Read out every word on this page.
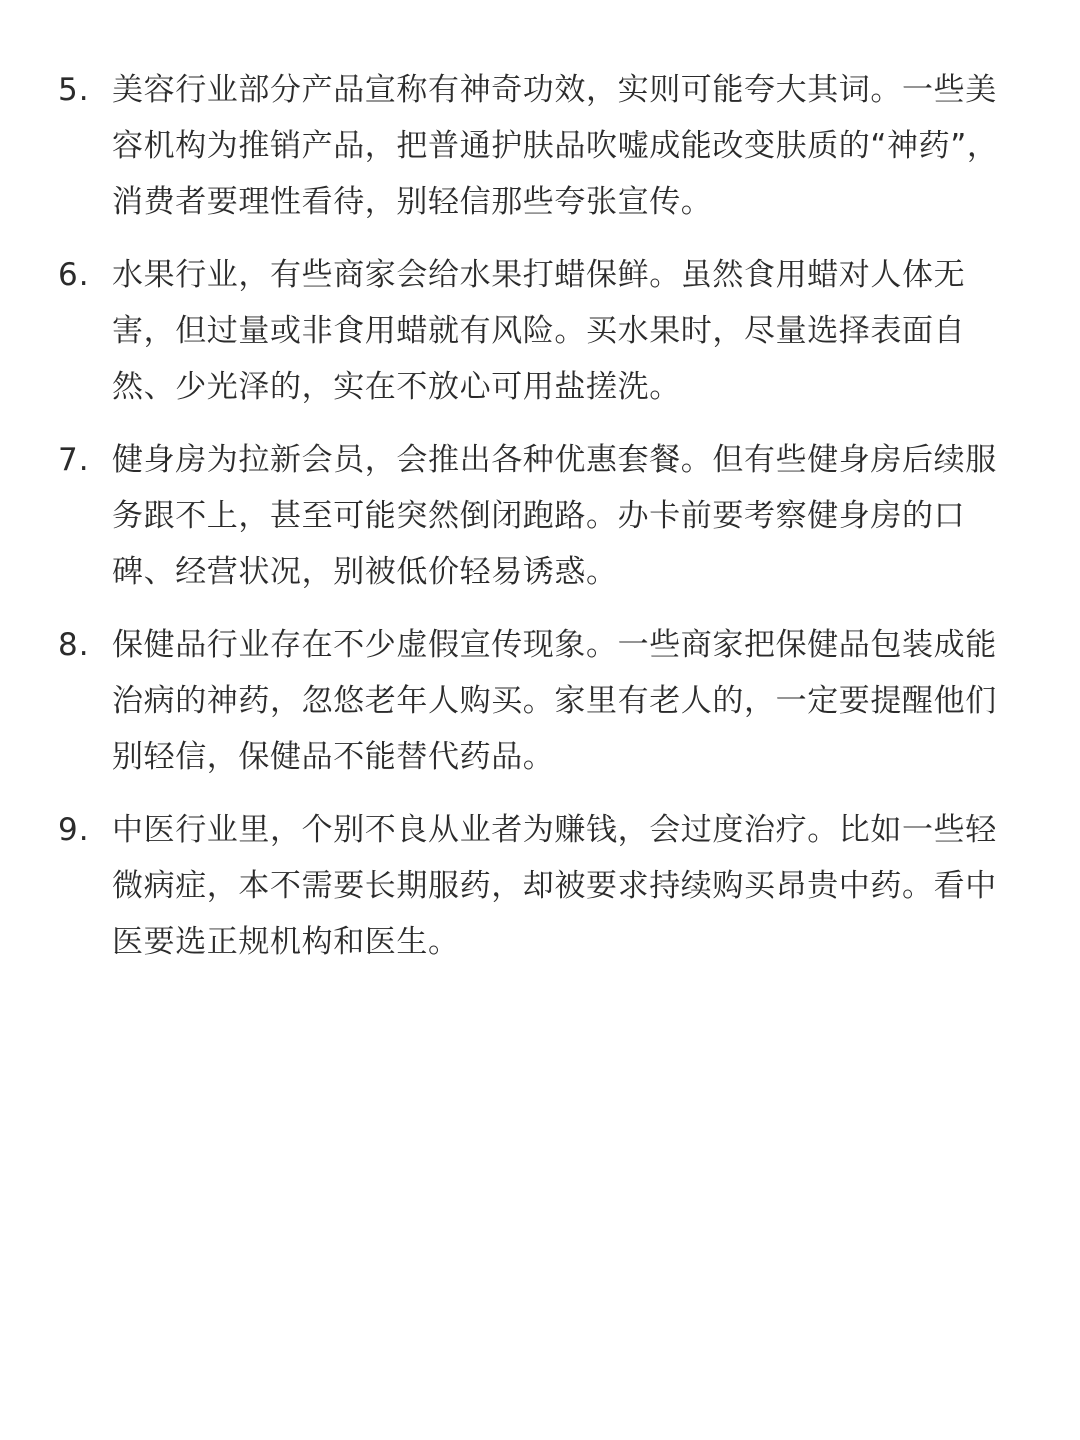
5. 美容行业部分产品宣称有神奇功效，实则可能夸大其词。一些美容机构为推销产品，把普通护肤品吹嘘成能改变肤质的“神药”，消费者要理性看待，别轻信那些夸张宣传。
6. 水果行业，有些商家会给水果打蜡保鲜。虽然食用蜡对人体无害，但过量或非食用蜡就有风险。买水果时，尽量选择表面自然、少光泽的，实在不放心可用盐搓洗。
7. 健身房为拉新会员，会推出各种优惠套餐。但有些健身房后续服务跟不上，甚至可能突然倒闭跑路。办卡前要考察健身房的口碑、经营状况，别被低价轻易诱惑。
8. 保健品行业存在不少虚假宣传现象。一些商家把保健品包装成能治病的神药，忽悠老年人购买。家里有老人的，一定要提醒他们别轻信，保健品不能替代药品。
9. 中医行业里，个别不良从业者为赚钱，会过度治疗。比如一些轻微病症，本不需要长期服药，却被要求持续购买昂贵中药。看中医要选正规机构和医生。
